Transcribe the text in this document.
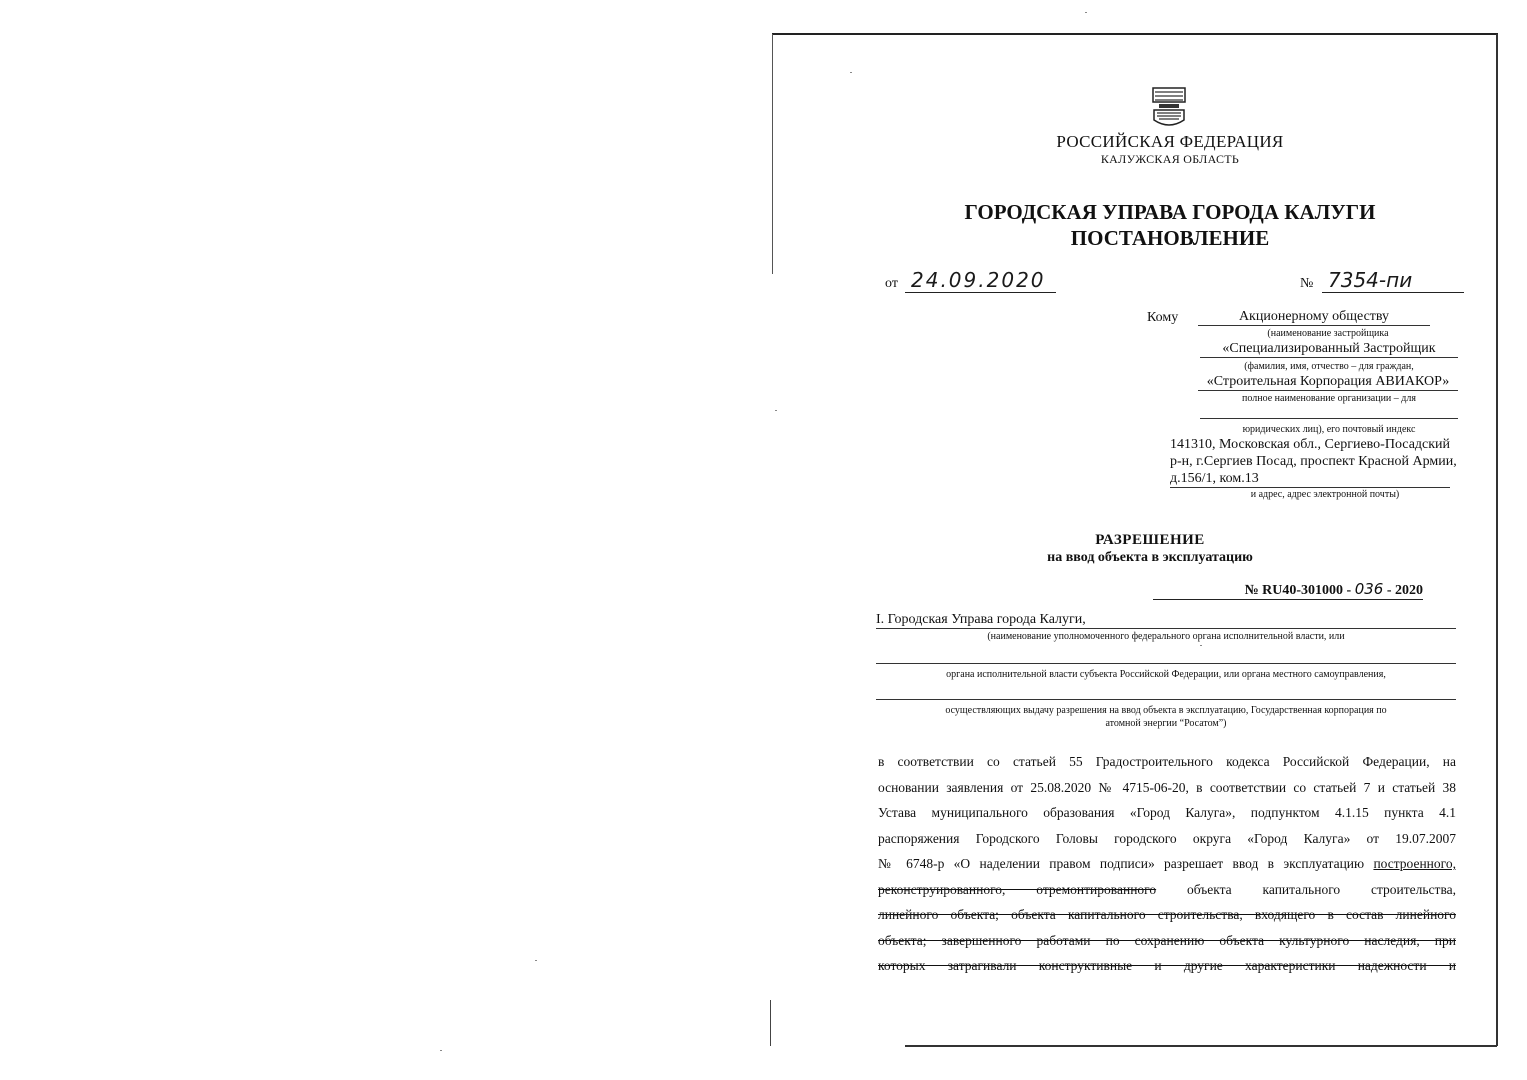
РОССИЙСКАЯ ФЕДЕРАЦИЯ
КАЛУЖСКАЯ ОБЛАСТЬ
ГОРОДСКАЯ УПРАВА ГОРОДА КАЛУГИ
ПОСТАНОВЛЕНИЕ
от 24.09.2020	№ 7354-пи
Кому	Акционерному обществу
(наименование застройщика
«Специализированный Застройщик
(фамилия, имя, отчество – для граждан,
«Строительная Корпорация АВИАКОР»
полное наименование организации – для
юридических лиц), его почтовый индекс
141310, Московская обл., Сергиево-Посадский
р-н, г.Сергиев Посад, проспект Красной Армии,
д.156/1, ком.13
и адрес, адрес электронной почты)
РАЗРЕШЕНИЕ
на ввод объекта в эксплуатацию
№ RU40-301000 - 036 - 2020
I. Городская Управа города Калуги,
(наименование уполномоченного федерального органа исполнительной власти, или
органа исполнительной власти субъекта Российской Федерации, или органа местного самоуправления,
осуществляющих выдачу разрешения на ввод объекта в эксплуатацию, Государственная корпорация по
атомной энергии “Росатом”)
в соответствии со статьей 55 Градостроительного кодекса Российской Федерации, на
основании заявления от 25.08.2020 № 4715-06-20, в соответствии со статьей 7 и статьей 38
Устава муниципального образования «Город Калуга», подпунктом 4.1.15 пункта 4.1
распоряжения Городского Головы городского округа «Город Калуга» от 19.07.2007
№ 6748-р «О наделении правом подписи» разрешает ввод в эксплуатацию построенного,
реконструированного, отремонтированного объекта капитального строительства,
линейного объекта; объекта капитального строительства, входящего в состав линейного
объекта; завершенного работами по сохранению объекта культурного наследия, при
которых затрагивали конструктивные и другие характеристики надежности и
